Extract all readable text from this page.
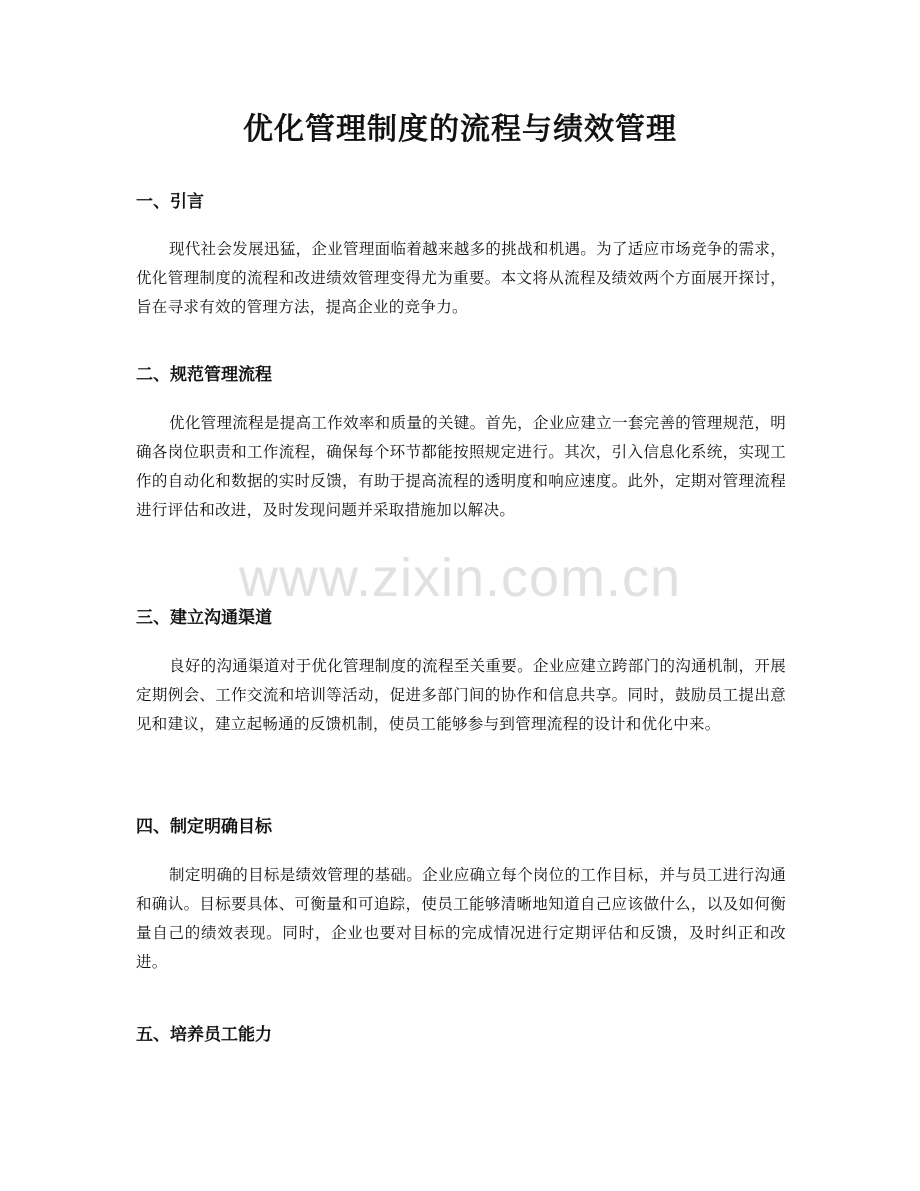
优化管理制度的流程与绩效管理
一、引言

现代社会发展迅猛，企业管理面临着越来越多的挑战和机遇。为了适应市场竞争的需求，优化管理制度的流程和改进绩效管理变得尤为重要。本文将从流程及绩效两个方面展开探讨，旨在寻求有效的管理方法，提高企业的竞争力。

二、规范管理流程

优化管理流程是提高工作效率和质量的关键。首先，企业应建立一套完善的管理规范，明确各岗位职责和工作流程，确保每个环节都能按照规定进行。其次，引入信息化系统，实现工作的自动化和数据的实时反馈，有助于提高流程的透明度和响应速度。此外，定期对管理流程进行评估和改进，及时发现问题并采取措施加以解决。

三、建立沟通渠道

良好的沟通渠道对于优化管理制度的流程至关重要。企业应建立跨部门的沟通机制，开展定期例会、工作交流和培训等活动，促进多部门间的协作和信息共享。同时，鼓励员工提出意见和建议，建立起畅通的反馈机制，使员工能够参与到管理流程的设计和优化中来。

四、制定明确目标

制定明确的目标是绩效管理的基础。企业应确立每个岗位的工作目标，并与员工进行沟通和确认。目标要具体、可衡量和可追踪，使员工能够清晰地知道自己应该做什么，以及如何衡量自己的绩效表现。同时，企业也要对目标的完成情况进行定期评估和反馈，及时纠正和改进。

五、培养员工能力
www.zixin.com.cn
